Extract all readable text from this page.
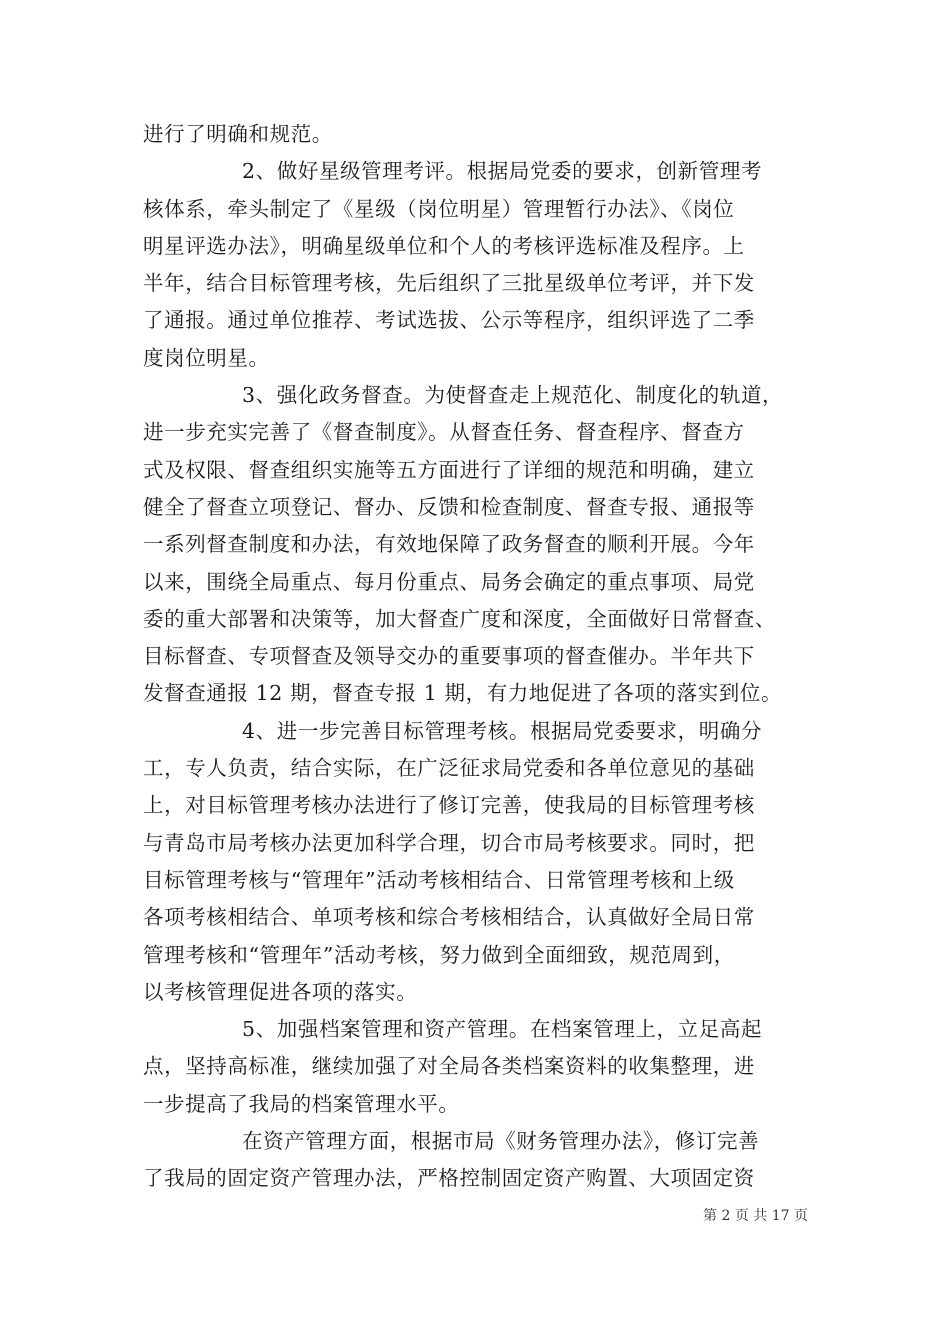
进行了明确和规范。
2、做好星级管理考评。根据局党委的要求，创新管理考
核体系，牵头制定了《星级（岗位明星）管理暂行办法》、《岗位
明星评选办法》，明确星级单位和个人的考核评选标准及程序。上
半年，结合目标管理考核，先后组织了三批星级单位考评，并下发
了通报。通过单位推荐、考试选拔、公示等程序，组织评选了二季
度岗位明星。
3、强化政务督查。为使督查走上规范化、制度化的轨道，
进一步充实完善了《督查制度》。从督查任务、督查程序、督查方
式及权限、督查组织实施等五方面进行了详细的规范和明确，建立
健全了督查立项登记、督办、反馈和检查制度、督查专报、通报等
一系列督查制度和办法，有效地保障了政务督查的顺利开展。今年
以来，围绕全局重点、每月份重点、局务会确定的重点事项、局党
委的重大部署和决策等，加大督查广度和深度，全面做好日常督查、
目标督查、专项督查及领导交办的重要事项的督查催办。半年共下
发督查通报 12 期，督查专报 1 期，有力地促进了各项的落实到位。
4、进一步完善目标管理考核。根据局党委要求，明确分
工，专人负责，结合实际，在广泛征求局党委和各单位意见的基础
上，对目标管理考核办法进行了修订完善，使我局的目标管理考核
与青岛市局考核办法更加科学合理，切合市局考核要求。同时，把
目标管理考核与“管理年”活动考核相结合、日常管理考核和上级
各项考核相结合、单项考核和综合考核相结合，认真做好全局日常
管理考核和“管理年”活动考核，努力做到全面细致，规范周到，
以考核管理促进各项的落实。
5、加强档案管理和资产管理。在档案管理上，立足高起
点，坚持高标准，继续加强了对全局各类档案资料的收集整理，进
一步提高了我局的档案管理水平。
在资产管理方面，根据市局《财务管理办法》，修订完善
了我局的固定资产管理办法，严格控制固定资产购置、大项固定资
第 2 页 共 17 页
